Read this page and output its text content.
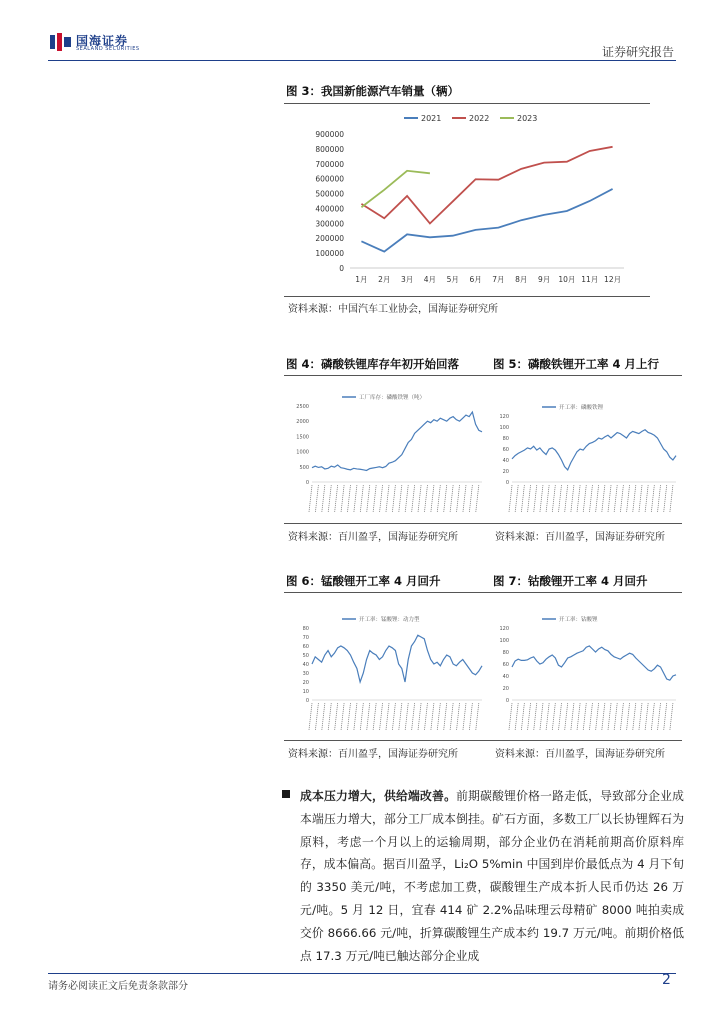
国海证券
SEALAND SECURITIES	证券研究报告
图 3：我国新能源汽车销量（辆）
2021	2022	2023
0
100000
200000
300000
400000
500000
600000
700000
800000
900000
1月 2月 3月 4月 5月 6月 7月 8月 9月 10月 11月 12月
资料来源：中国汽车工业协会，国海证券研究所
图 4：磷酸铁锂库存年初开始回落	图 5：磷酸铁锂开工率 4 月上行
工厂库存：磷酸铁锂（吨）
0
500
1000
1500
2000
2500	开工率：磷酸铁锂
0
20
40
60
80
100
120
资料来源：百川盈孚，国海证券研究所	资料来源：百川盈孚，国海证券研究所
图 6：锰酸锂开工率 4 月回升	图 7：钴酸锂开工率 4 月回升
开工率：锰酸锂：动力型
0
10
20
30
40
50
60
70
80
开工率：钴酸锂
0
20
40
60
80
100
120
资料来源：百川盈孚，国海证券研究所	资料来源：百川盈孚，国海证券研究所
成本压力增大，供给端改善。前期碳酸锂价格一路走低，导致部分企业成本端压力增大，部分工厂成本倒挂。矿石方面，多数工厂以长协锂辉石为原料，考虑一个月以上的运输周期，部分企业仍在消耗前期高价原料库存，成本偏高。据百川盈孚，Li₂O 5%min 中国到岸价最低点为 4 月下旬的 3350 美元/吨，不考虑加工费，碳酸锂生产成本折人民币仍达 26 万元/吨。5 月 12 日，宜春 414 矿 2.2%品味理云母精矿 8000 吨拍卖成交价 8666.66 元/吨，折算碳酸锂生产成本约 19.7 万元/吨。前期价格低点 17.3 万元/吨已触达部分企业成
请务必阅读正文后免责条款部分	2
